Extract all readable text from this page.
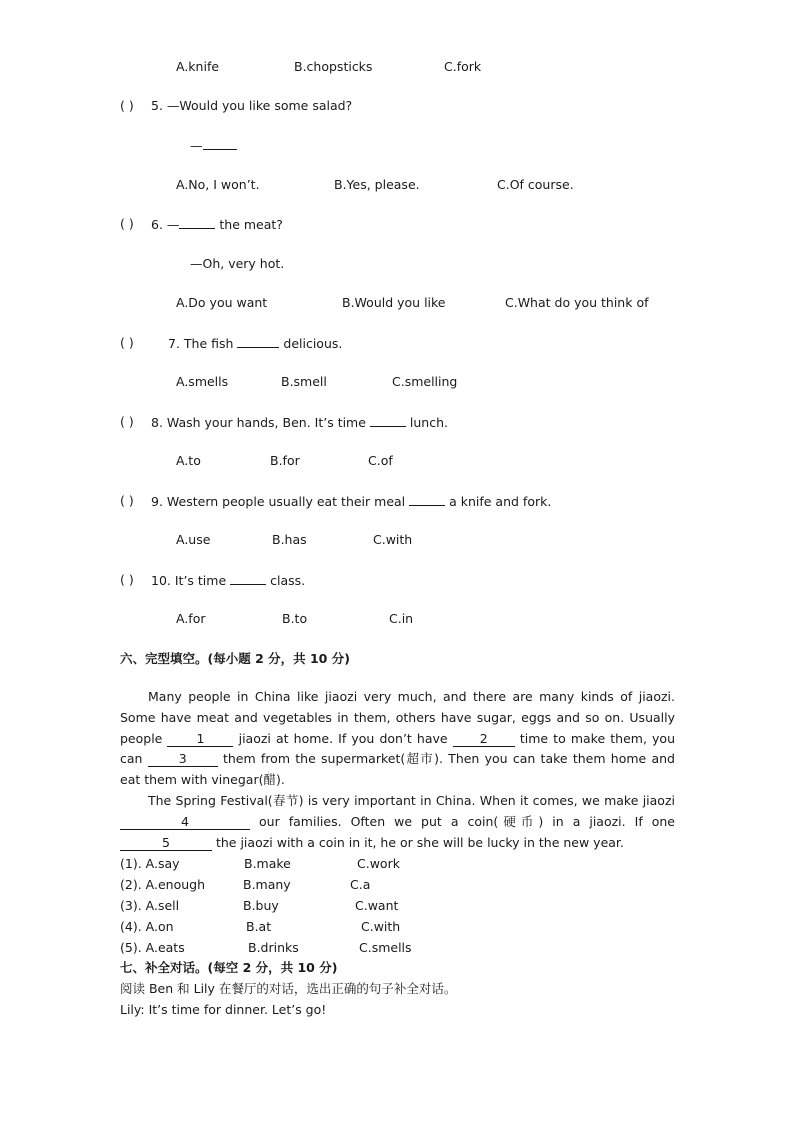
A.knife	B.chopsticks	C.fork
( ) 5. —Would you like some salad?
—
A.No, I won’t.	B.Yes, please.	C.Of course.
( ) 6. —	the meat?
—Oh, very hot.
A.Do you want	B.Would you like	C.What do you think of
( )	7. The fish	delicious.
A.smells	B.smell	C.smelling
( ) 8. Wash your hands, Ben. It’s time	lunch.
A.to	B.for	C.of
( ) 9. Western people usually eat their meal	a knife and fork.
A.use	B.has	C.with
( ) 10. It’s time	class.
A.for	B.to	C.in
六、完型填空。(每小题 2 分，共 10 分)

Many people in China like jiaozi very much, and there are many kinds of jiaozi. Some have meat and vegetables in them, others have sugar, eggs and so on. Usually people 1 jiaozi at home. If you don’t have 2 time to make them, you can 3 them from the supermarket(超市). Then you can take them home and eat them with vinegar(醋).

The Spring Festival(春节) is very important in China. When it comes, we make jiaozi 4	our families. Often we put a coin(硬币) in a jiaozi. If one 5	the jiaozi with a coin in it, he or she will be lucky in the new year.

(1). A.say	B.make	C.work
(2). A.enough	B.many	C.a
(3). A.sell	B.buy	C.want
(4). A.on	B.at	C.with
(5). A.eats	B.drinks	C.smells
七、补全对话。(每空 2 分，共 10 分)
阅读 Ben 和 Lily 在餐厅的对话，选出正确的句子补全对话。
Lily: It’s time for dinner. Let’s go!
